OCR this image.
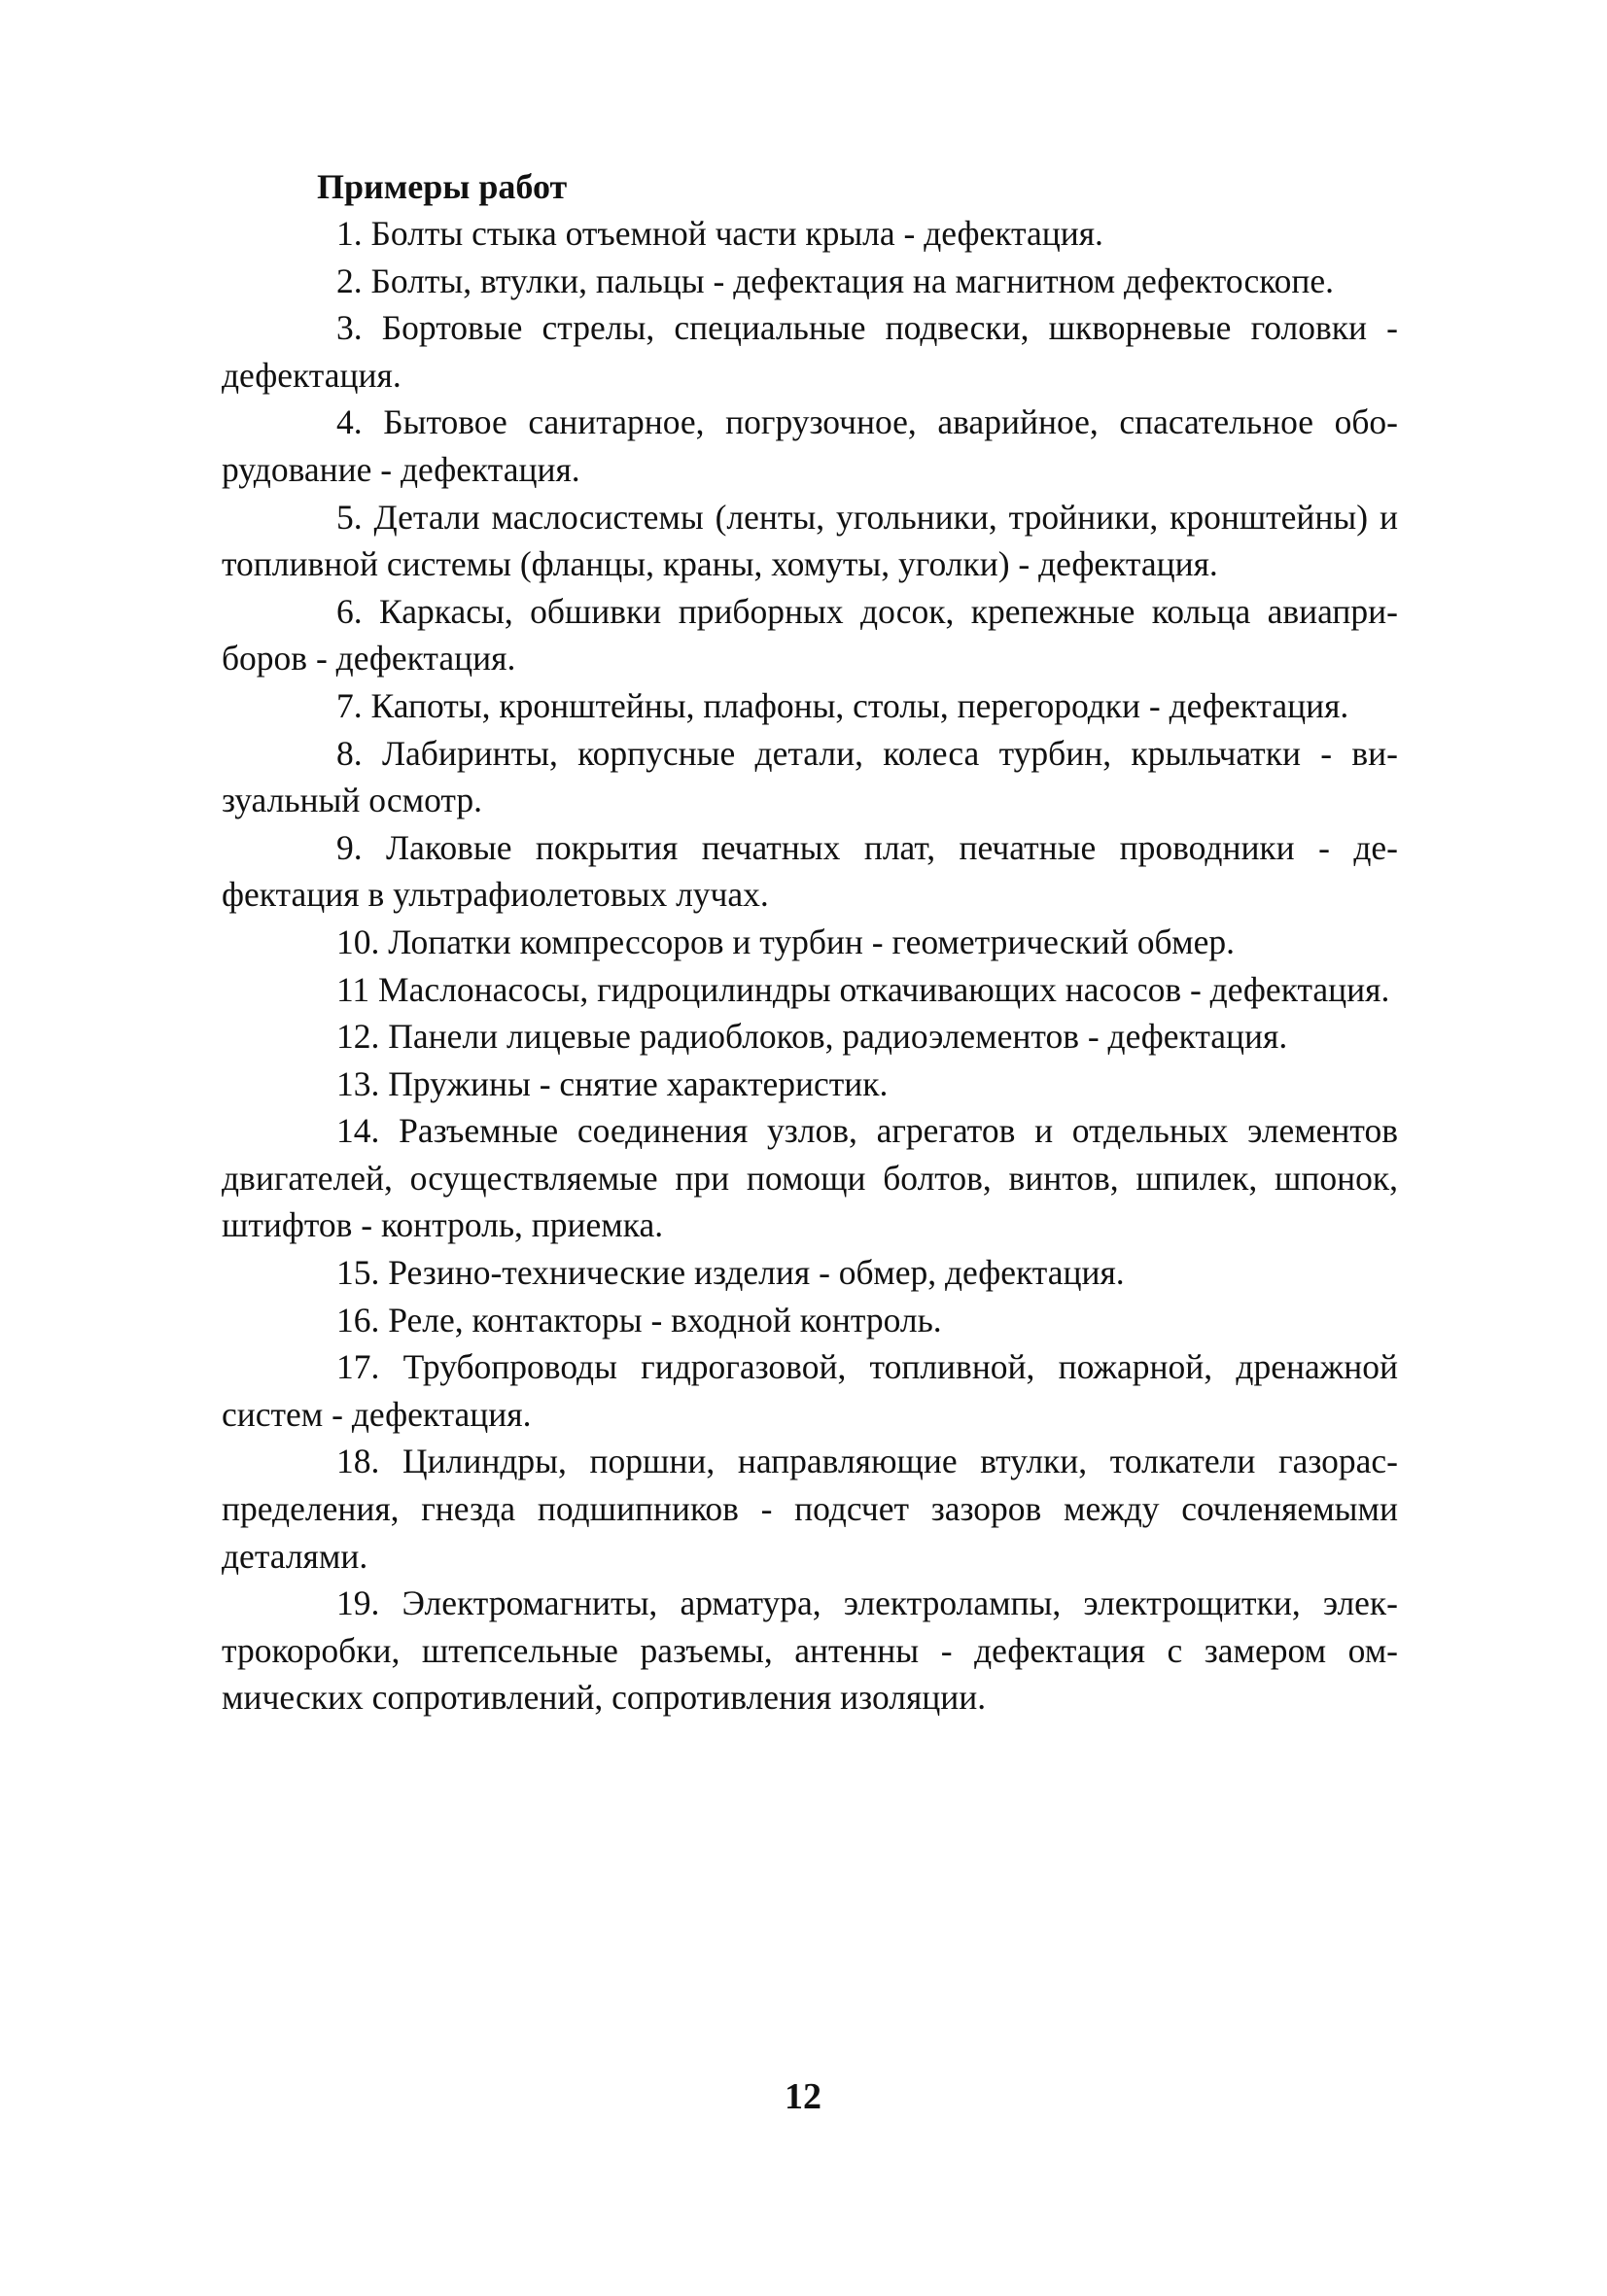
Примеры работ

1. Болты стыка отъемной части крыла - дефектация.

2. Болты, втулки, пальцы - дефектация на магнитном дефектоскопе.

3. Бортовые стрелы, специальные подвески, шкворневые головки - дефектация.

4. Бытовое санитарное, погрузочное, аварийное, спасательное оборудование - дефектация.

5. Детали маслосистемы (ленты, угольники, тройники, кронштейны) и топливной системы (фланцы, краны, хомуты, уголки) - дефектация.

6. Каркасы, обшивки приборных досок, крепежные кольца авиаприборов - дефектация.

7. Капоты, кронштейны, плафоны, столы, перегородки - дефектация.

8. Лабиринты, корпусные детали, колеса турбин, крыльчатки - визуальный осмотр.

9. Лаковые покрытия печатных плат, печатные проводники - дефектация в ультрафиолетовых лучах.

10. Лопатки компрессоров и турбин - геометрический обмер.

11 Маслонасосы, гидроцилиндры откачивающих насосов - дефектация.

12. Панели лицевые радиоблоков, радиоэлементов - дефектация.

13. Пружины - снятие характеристик.

14. Разъемные соединения узлов, агрегатов и отдельных элементов двигателей, осуществляемые при помощи болтов, винтов, шпилек, шпонок, штифтов - контроль, приемка.

15. Резино-технические изделия - обмер, дефектация.

16. Реле, контакторы - входной контроль.

17. Трубопроводы гидрогазовой, топливной, пожарной, дренажной систем - дефектация.

18. Цилиндры, поршни, направляющие втулки, толкатели газораспределения, гнезда подшипников - подсчет зазоров между сочленяемыми деталями.

19. Электромагниты, арматура, электролампы, электрощитки, электрокоробки, штепсельные разъемы, антенны - дефектация с замером оммических сопротивлений, сопротивления изоляции.

12
